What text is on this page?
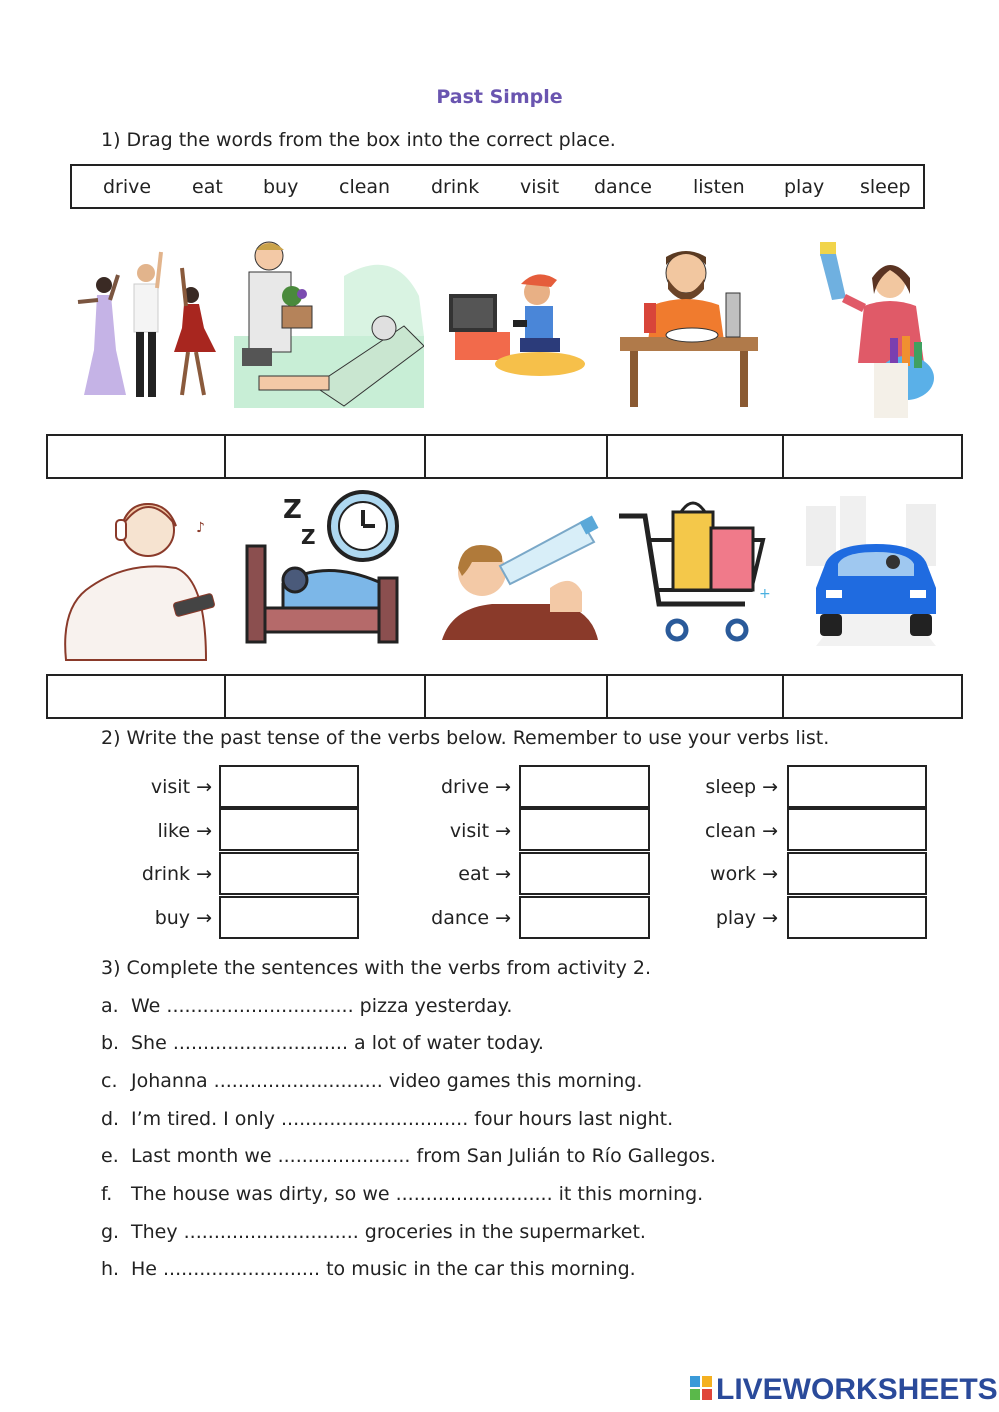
Past Simple
1) Drag the words from the box into the correct place.
drive eat buy clean drink visit dance listen play sleep
♪
Z
Z
+
2) Write the past tense of the verbs below. Remember to use your verbs list.
visit →
like →
drink →
buy →
drive →
visit →
eat →
dance →
sleep →
clean →
work →
play →
3) Complete the sentences with the verbs from activity 2.
a. We ............................... pizza yesterday.
b. She ............................. a lot of water today.
c. Johanna ............................ video games this morning.
d. I’m tired. I only ............................... four hours last night.
e. Last month we ...................... from San Julián to Río Gallegos.
f. The house was dirty, so we .......................... it this morning.
g. They ............................. groceries in the supermarket.
h. He .......................... to music in the car this morning.
LIVEWORKSHEETS
